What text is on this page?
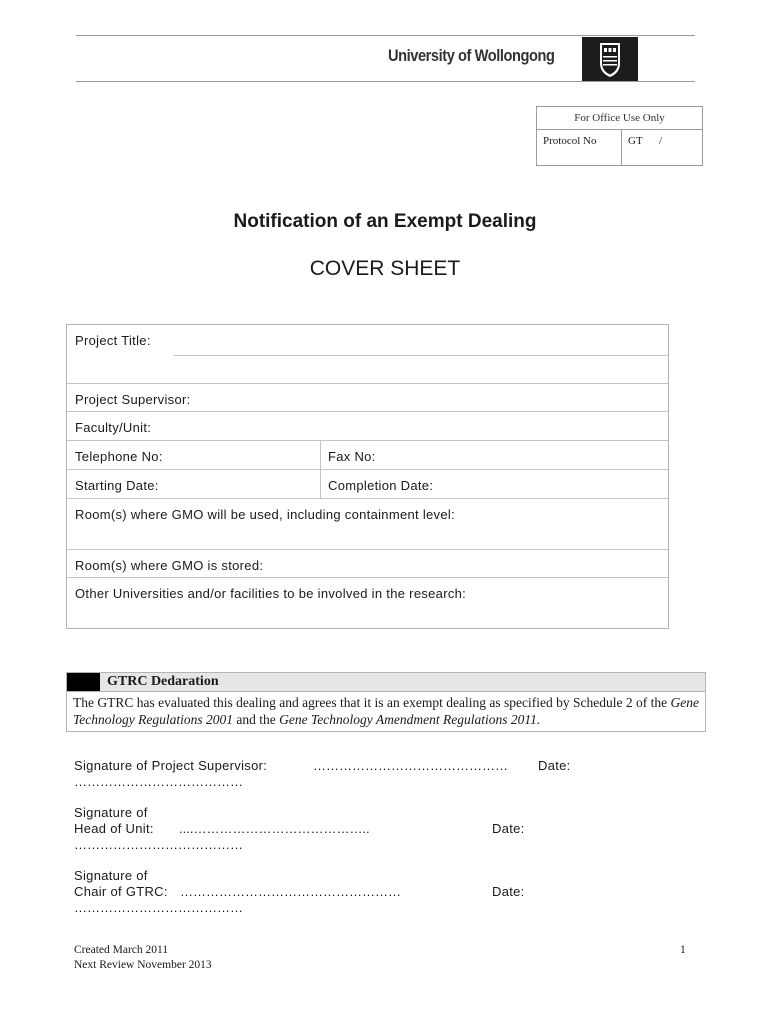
University of Wollongong
For Office Use Only
Protocol No	GT      /
Notification of an Exempt Dealing
COVER SHEET
Project Title:
Project Supervisor:
Faculty/Unit:
Telephone No:	Fax No:
Starting Date:	Completion Date:
Room(s) where GMO will be used, including containment level:
Room(s) where GMO is stored:
Other Universities and/or facilities to be involved in the research:
GTRC Dedaration
The GTRC has evaluated this dealing and agrees that it is an exempt dealing as specified by Schedule 2 of the Gene Technology Regulations 2001 and the Gene Technology Amendment Regulations 2011.
Signature of Project Supervisor:	……………………………………… Date:
…………………………………
Signature of
Head of Unit: ....…………………………………..	Date:
…………………………………
Signature of
Chair of GTRC: ……………………………………………	Date:
…………………………………
Created March 2011
Next Review November 2013
1
